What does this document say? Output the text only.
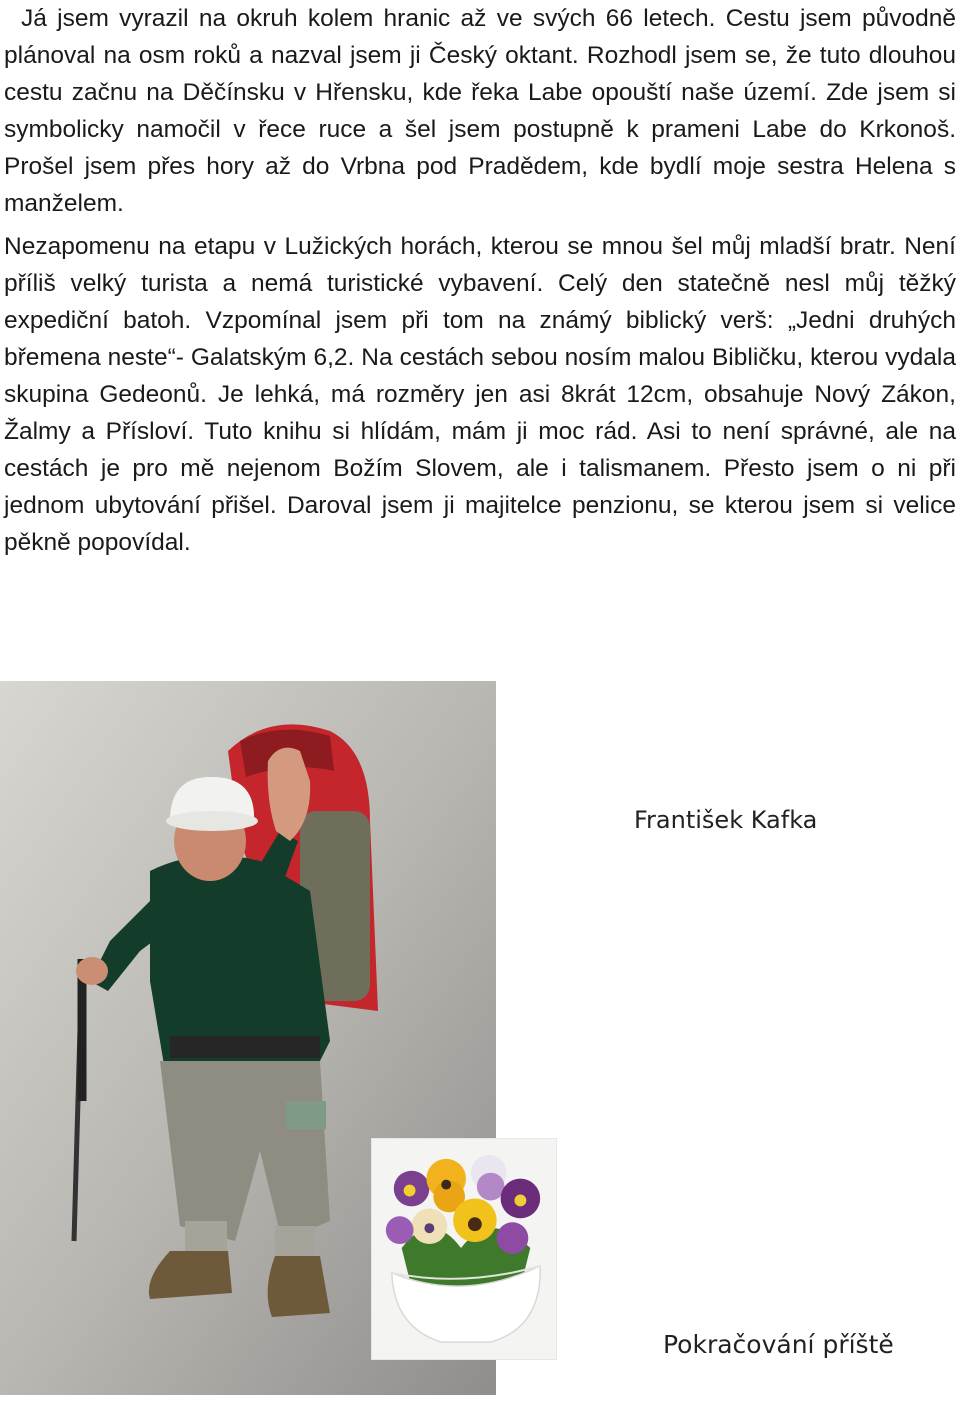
Já jsem vyrazil na okruh kolem hranic až ve svých 66 letech. Cestu jsem původně plánoval na osm roků a nazval jsem ji Český oktant. Rozhodl jsem se, že tuto dlouhou cestu začnu na Děčínsku v Hřensku, kde řeka Labe opouští naše území. Zde jsem si symbolicky namočil v řece ruce a šel jsem postupně k prameni Labe do Krkonoš. Prošel jsem přes hory až do Vrbna pod Pradědem, kde bydlí moje sestra Helena s manželem.

Nezapomenu na etapu v Lužických horách, kterou se mnou šel můj mladší bratr. Není příliš velký turista a nemá turistické vybavení. Celý den statečně nesl můj těžký expediční batoh. Vzpomínal jsem při tom na známý biblický verš: „Jedni druhých břemena neste“- Galatským 6,2. Na cestách sebou nosím malou Bibličku, kterou vydala skupina Gedeonů. Je lehká, má rozměry jen asi 8krát 12cm, obsahuje Nový Zákon, Žalmy a Přísloví. Tuto knihu si hlídám, mám ji moc rád. Asi to není správné, ale na cestách je pro mě nejenom Božím Slovem, ale i talismanem. Přesto jsem o ni při jednom ubytování přišel. Daroval jsem ji majitelce penzionu, se kterou jsem si velice pěkně popovídal.

František Kafka
Pokračování příště
